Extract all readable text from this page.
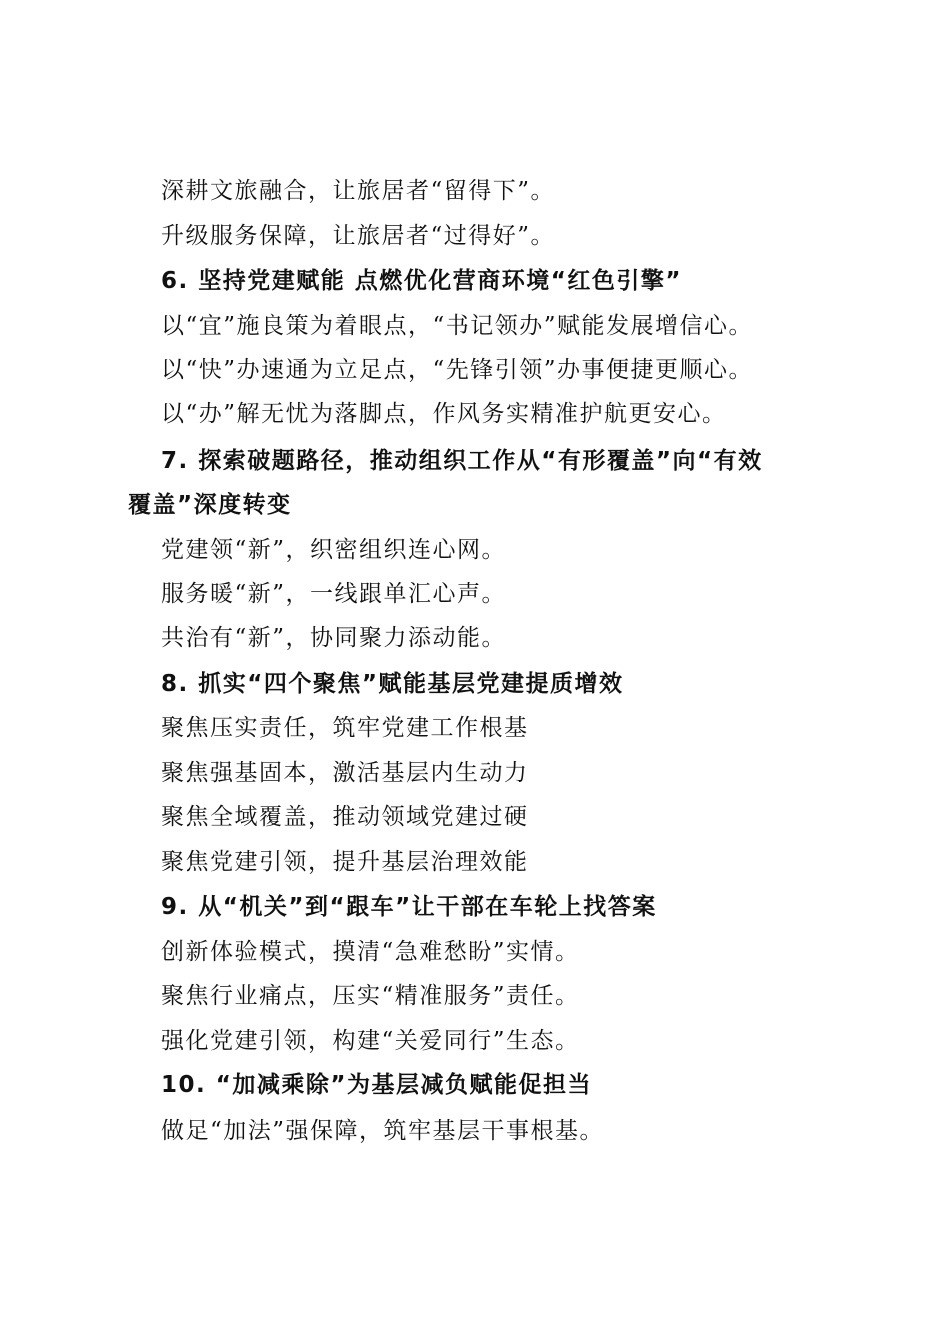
深耕文旅融合，让旅居者“留得下”。
升级服务保障，让旅居者“过得好”。
6. 坚持党建赋能 点燃优化营商环境“红色引擎”
以“宜”施良策为着眼点，“书记领办”赋能发展增信心。
以“快”办速通为立足点，“先锋引领”办事便捷更顺心。
以“办”解无忧为落脚点，作风务实精准护航更安心。
7. 探索破题路径，推动组织工作从“有形覆盖”向“有效
覆盖”深度转变
党建领“新”，织密组织连心网。
服务暖“新”，一线跟单汇心声。
共治有“新”，协同聚力添动能。
8. 抓实“四个聚焦”赋能基层党建提质增效
聚焦压实责任，筑牢党建工作根基
聚焦强基固本，激活基层内生动力
聚焦全域覆盖，推动领域党建过硬
聚焦党建引领，提升基层治理效能
9. 从“机关”到“跟车”让干部在车轮上找答案
创新体验模式，摸清“急难愁盼”实情。
聚焦行业痛点，压实“精准服务”责任。
强化党建引领，构建“关爱同行”生态。
10. “加减乘除”为基层减负赋能促担当
做足“加法”强保障，筑牢基层干事根基。
